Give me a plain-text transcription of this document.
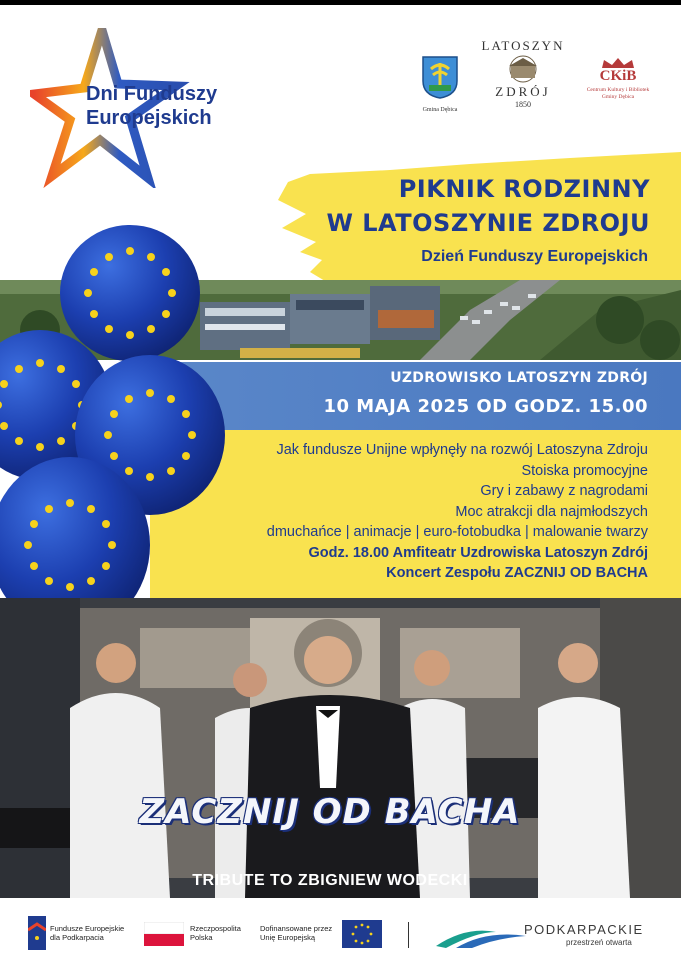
Dni Funduszy
Europejskich	Gmina Dębica
LATOSZYN
ZDRÓJ
1850
CKiB
Centrum Kultury i Bibliotek Gminy Dębica
PIKNIK RODZINNY
W LATOSZYNIE ZDROJU
Dzień Funduszy Europejskich
UZDROWISKO LATOSZYN ZDRÓJ
10 MAJA 2025 OD GODZ. 15.00
Jak fundusze Unijne wpłynęły na rozwój Latoszyna Zdroju
Stoiska promocyjne
Gry i zabawy z nagrodami
Moc atrakcji dla najmłodszych
dmuchańce | animacje | euro-fotobudka | malowanie twarzy
Godz. 18.00 Amfiteatr Uzdrowiska Latoszyn Zdrój
Koncert Zespołu ZACZNIJ OD BACHA
ZACZNIJ OD BACHA
TRIBUTE TO ZBIGNIEW WODECKI
Fundusze Europejskie
dla Podkarpacia
Rzeczpospolita
Polska
Dofinansowane przez
Unię Europejską
PODKARPACKIE
przestrzeń otwarta
